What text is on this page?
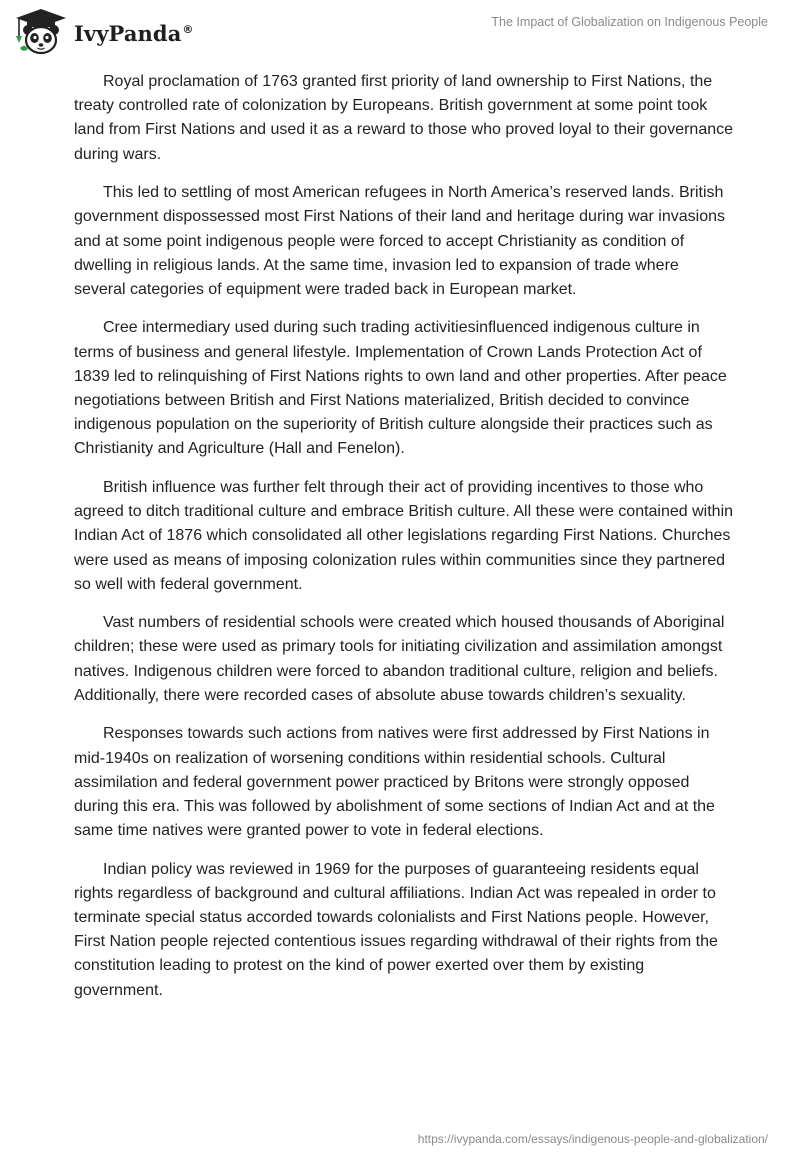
IvyPanda®	The Impact of Globalization on Indigenous People

Royal proclamation of 1763 granted first priority of land ownership to First Nations, the treaty controlled rate of colonization by Europeans. British government at some point took land from First Nations and used it as a reward to those who proved loyal to their governance during wars.

This led to settling of most American refugees in North America’s reserved lands. British government dispossessed most First Nations of their land and heritage during war invasions and at some point indigenous people were forced to accept Christianity as condition of dwelling in religious lands. At the same time, invasion led to expansion of trade where several categories of equipment were traded back in European market.

Cree intermediary used during such trading activitiesinfluenced indigenous culture in terms of business and general lifestyle. Implementation of Crown Lands Protection Act of 1839 led to relinquishing of First Nations rights to own land and other properties. After peace negotiations between British and First Nations materialized, British decided to convince indigenous population on the superiority of British culture alongside their practices such as Christianity and Agriculture (Hall and Fenelon).

British influence was further felt through their act of providing incentives to those who agreed to ditch traditional culture and embrace British culture. All these were contained within Indian Act of 1876 which consolidated all other legislations regarding First Nations. Churches were used as means of imposing colonization rules within communities since they partnered so well with federal government.

Vast numbers of residential schools were created which housed thousands of Aboriginal children; these were used as primary tools for initiating civilization and assimilation amongst natives. Indigenous children were forced to abandon traditional culture, religion and beliefs. Additionally, there were recorded cases of absolute abuse towards children’s sexuality.

Responses towards such actions from natives were first addressed by First Nations in mid-1940s on realization of worsening conditions within residential schools. Cultural assimilation and federal government power practiced by Britons were strongly opposed during this era. This was followed by abolishment of some sections of Indian Act and at the same time natives were granted power to vote in federal elections.

Indian policy was reviewed in 1969 for the purposes of guaranteeing residents equal rights regardless of background and cultural affiliations. Indian Act was repealed in order to terminate special status accorded towards colonialists and First Nations people. However, First Nation people rejected contentious issues regarding withdrawal of their rights from the constitution leading to protest on the kind of power exerted over them by existing government.

https://ivypanda.com/essays/indigenous-people-and-globalization/
